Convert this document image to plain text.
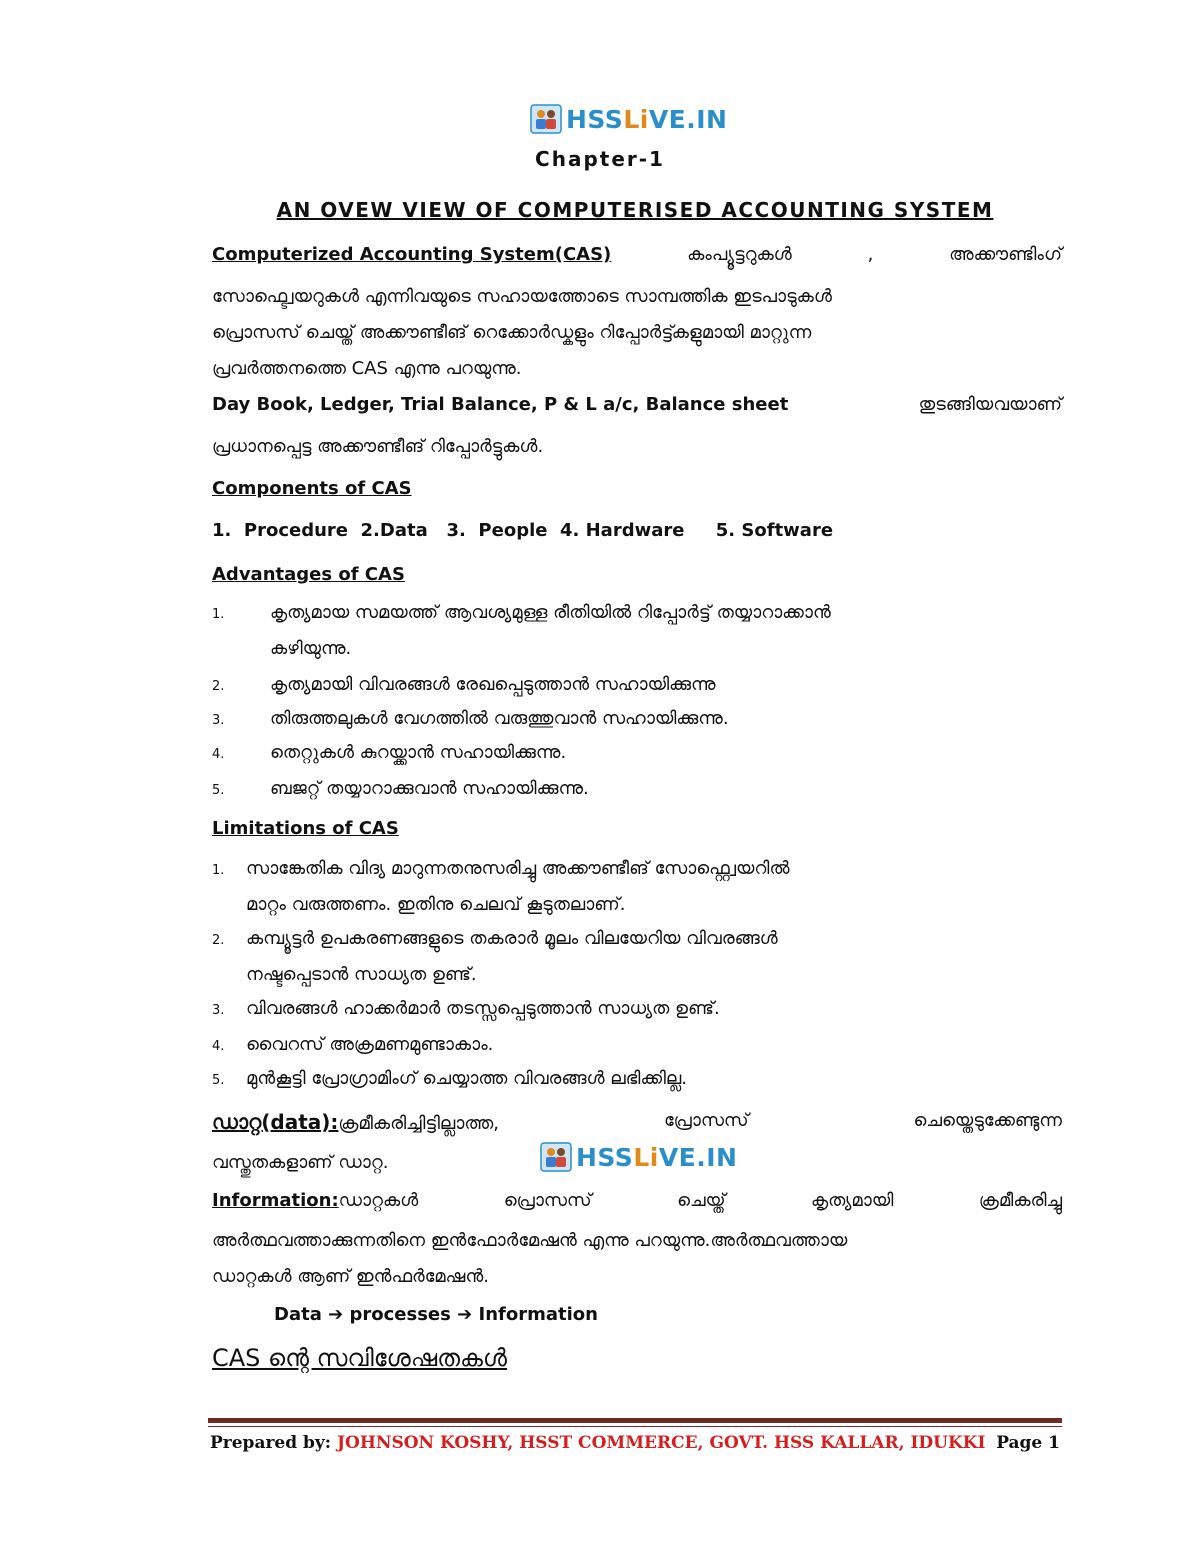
HSSLiVE.IN
Chapter-1
AN OVEW VIEW OF COMPUTERISED ACCOUNTING SYSTEM
Computerized Accounting System(CAS)	കംപ്യൂട്ടറുകൾ	,	അക്കൗണ്ടിംഗ്
സോഫ്ട്വെയറുകൾ എന്നിവയുടെ സഹായത്തോടെ സാമ്പത്തിക ഇടപാടുകൾ
പ്രൊസസ് ചെയ്ത് അക്കൗണ്ടീങ് റെക്കോർഡ്കളും റിപ്പോർട്ട്കളുമായി മാറ്റുന്ന
പ്രവർത്തനത്തെ CAS എന്നു പറയുന്നു.
Day Book, Ledger, Trial Balance, P & L a/c, Balance sheet	തുടങ്ങിയവയാണ്
പ്രധാനപ്പെട്ട അക്കൗണ്ടീങ് റിപ്പോർട്ടുകൾ.
Components of CAS
1.  Procedure  2.Data   3.  People  4. Hardware     5. Software
Advantages of CAS
1.	കൃത്യമായ സമയത്ത് ആവശ്യമുള്ള രീതിയിൽ റിപ്പോർട്ട് തയ്യാറാക്കാൻ
കഴിയുന്നു.
2.	കൃത്യമായി വിവരങ്ങൾ രേഖപ്പെടുത്താൻ സഹായിക്കുന്നു
3.	തിരുത്തലുകൾ വേഗത്തിൽ വരുത്തുവാൻ സഹായിക്കുന്നു.
4.	തെറ്റുകൾ കുറയ്ക്കാൻ സഹായിക്കുന്നു.
5.	ബജറ്റ് തയ്യാറാക്കുവാൻ സഹായിക്കുന്നു.
Limitations of CAS
1. സാങ്കേതിക വിദ്യ മാറുന്നതനുസരിച്ചു അക്കൗണ്ടീങ് സോഫ്റ്റ്വെയറിൽ
മാറ്റം വരുത്തണം. ഇതിനു ചെലവ് കൂടുതലാണ്.
2. കമ്പ്യൂട്ടർ ഉപകരണങ്ങളുടെ തകരാർ മൂലം വിലയേറിയ വിവരങ്ങൾ
നഷ്ടപ്പെടാൻ സാധ്യത ഉണ്ട്.
3. വിവരങ്ങൾ ഹാക്കർമാർ തടസ്സപ്പെടുത്താൻ സാധ്യത ഉണ്ട്.
4. വൈറസ് അക്രമണമുണ്ടാകാം.
5. മുൻകൂട്ടി പ്രോഗ്രാമിംഗ് ചെയ്യാത്ത വിവരങ്ങൾ ലഭിക്കില്ല.
ഡാറ്റ(data):ക്രമീകരിച്ചിട്ടില്ലാത്ത,	പ്രോസസ്	ചെയ്തെടുക്കേണ്ടുന്ന
വസ്തുതകളാണ് ഡാറ്റ.
Information:ഡാറ്റകൾ	പ്രൊസസ്	ചെയ്ത്	കൃത്യമായി	ക്രമീകരിച്ചു
അർത്ഥവത്താക്കുന്നതിനെ ഇൻഫോർമേഷൻ എന്നു പറയുന്നു.അർത്ഥവത്തായ
ഡാറ്റകൾ ആണ് ഇൻഫർമേഷൻ.
Data ➔ processes ➔ Information
CAS ന്റെ സവിശേഷതകൾ
HSSLiVE.IN
Prepared by: JOHNSON KOSHY, HSST COMMERCE, GOVT. HSS KALLAR, IDUKKI Page 1
